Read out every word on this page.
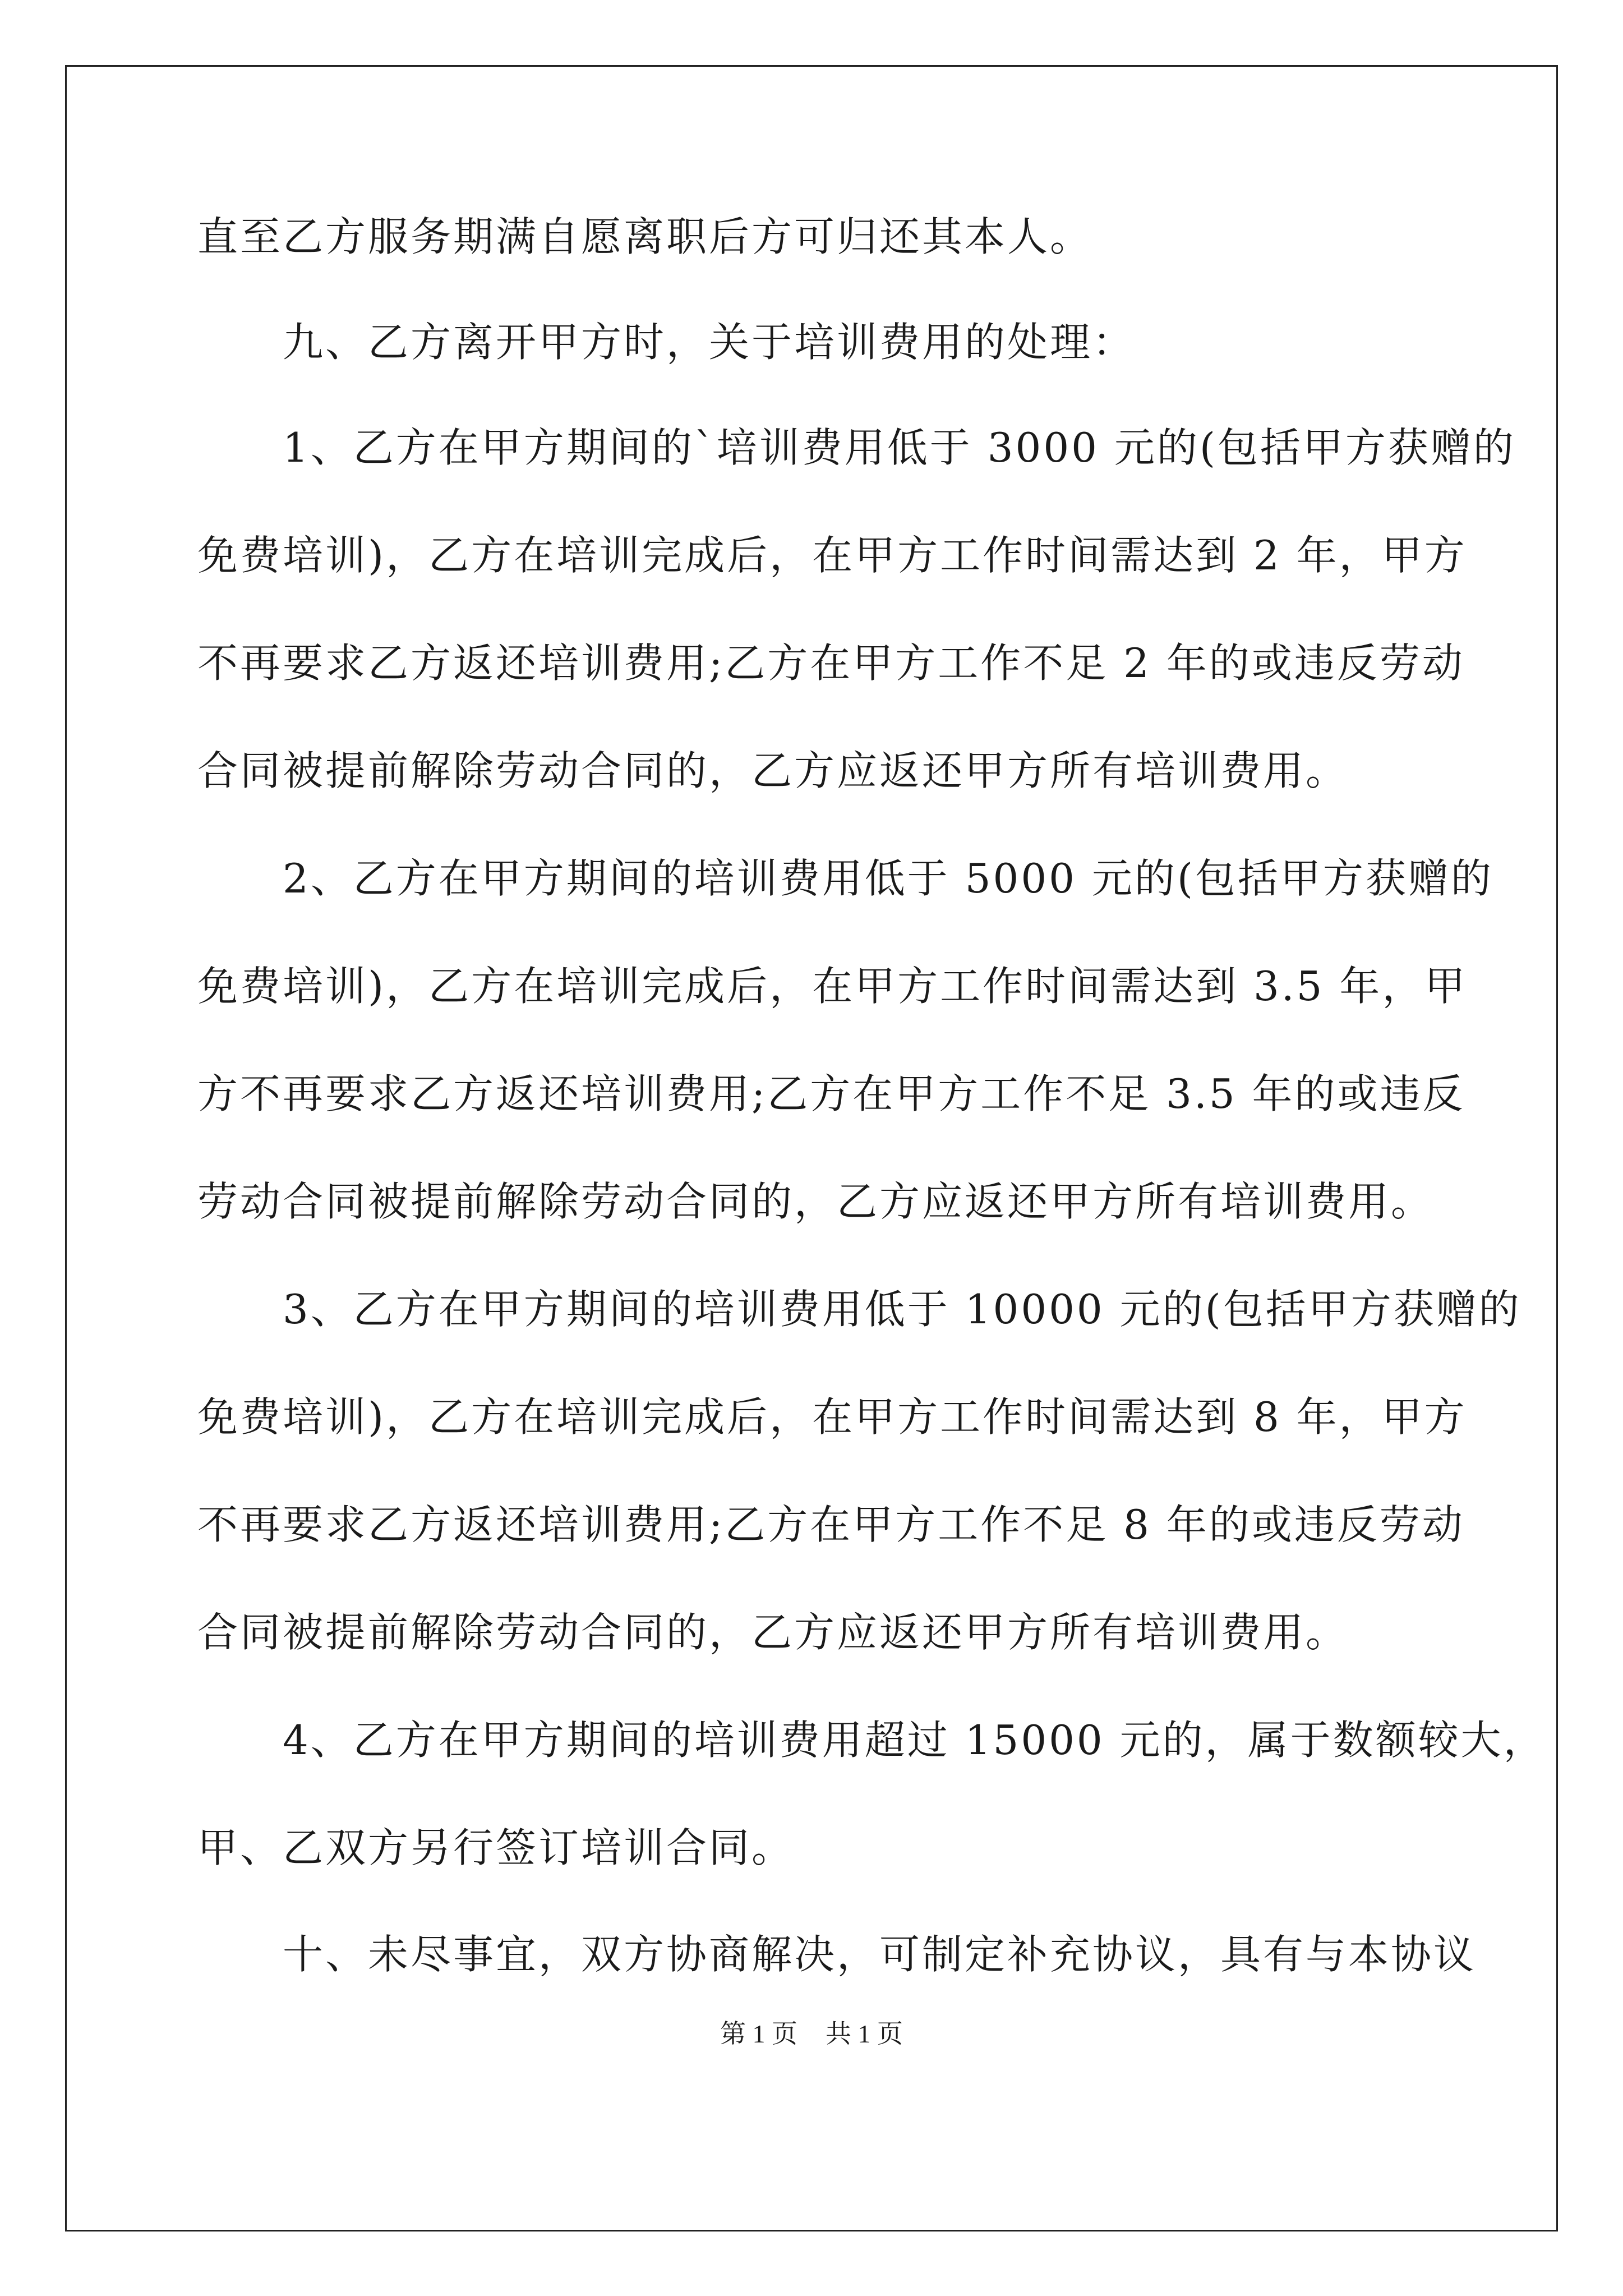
直至乙方服务期满自愿离职后方可归还其本人。

　　九、乙方离开甲方时，关于培训费用的处理：

　　1、乙方在甲方期间的`培训费用低于 3000 元的(包括甲方获赠的

免费培训)，乙方在培训完成后，在甲方工作时间需达到 2 年，甲方

不再要求乙方返还培训费用;乙方在甲方工作不足 2 年的或违反劳动

合同被提前解除劳动合同的，乙方应返还甲方所有培训费用。

　　2、乙方在甲方期间的培训费用低于 5000 元的(包括甲方获赠的

免费培训)，乙方在培训完成后，在甲方工作时间需达到 3.5 年，甲

方不再要求乙方返还培训费用;乙方在甲方工作不足 3.5 年的或违反

劳动合同被提前解除劳动合同的，乙方应返还甲方所有培训费用。

　　3、乙方在甲方期间的培训费用低于 10000 元的(包括甲方获赠的

免费培训)，乙方在培训完成后，在甲方工作时间需达到 8 年，甲方

不再要求乙方返还培训费用;乙方在甲方工作不足 8 年的或违反劳动

合同被提前解除劳动合同的，乙方应返还甲方所有培训费用。

　　4、乙方在甲方期间的培训费用超过 15000 元的，属于数额较大，

甲、乙双方另行签订培训合同。

　　十、未尽事宜，双方协商解决，可制定补充协议，具有与本协议

第 1 页 共 1 页
